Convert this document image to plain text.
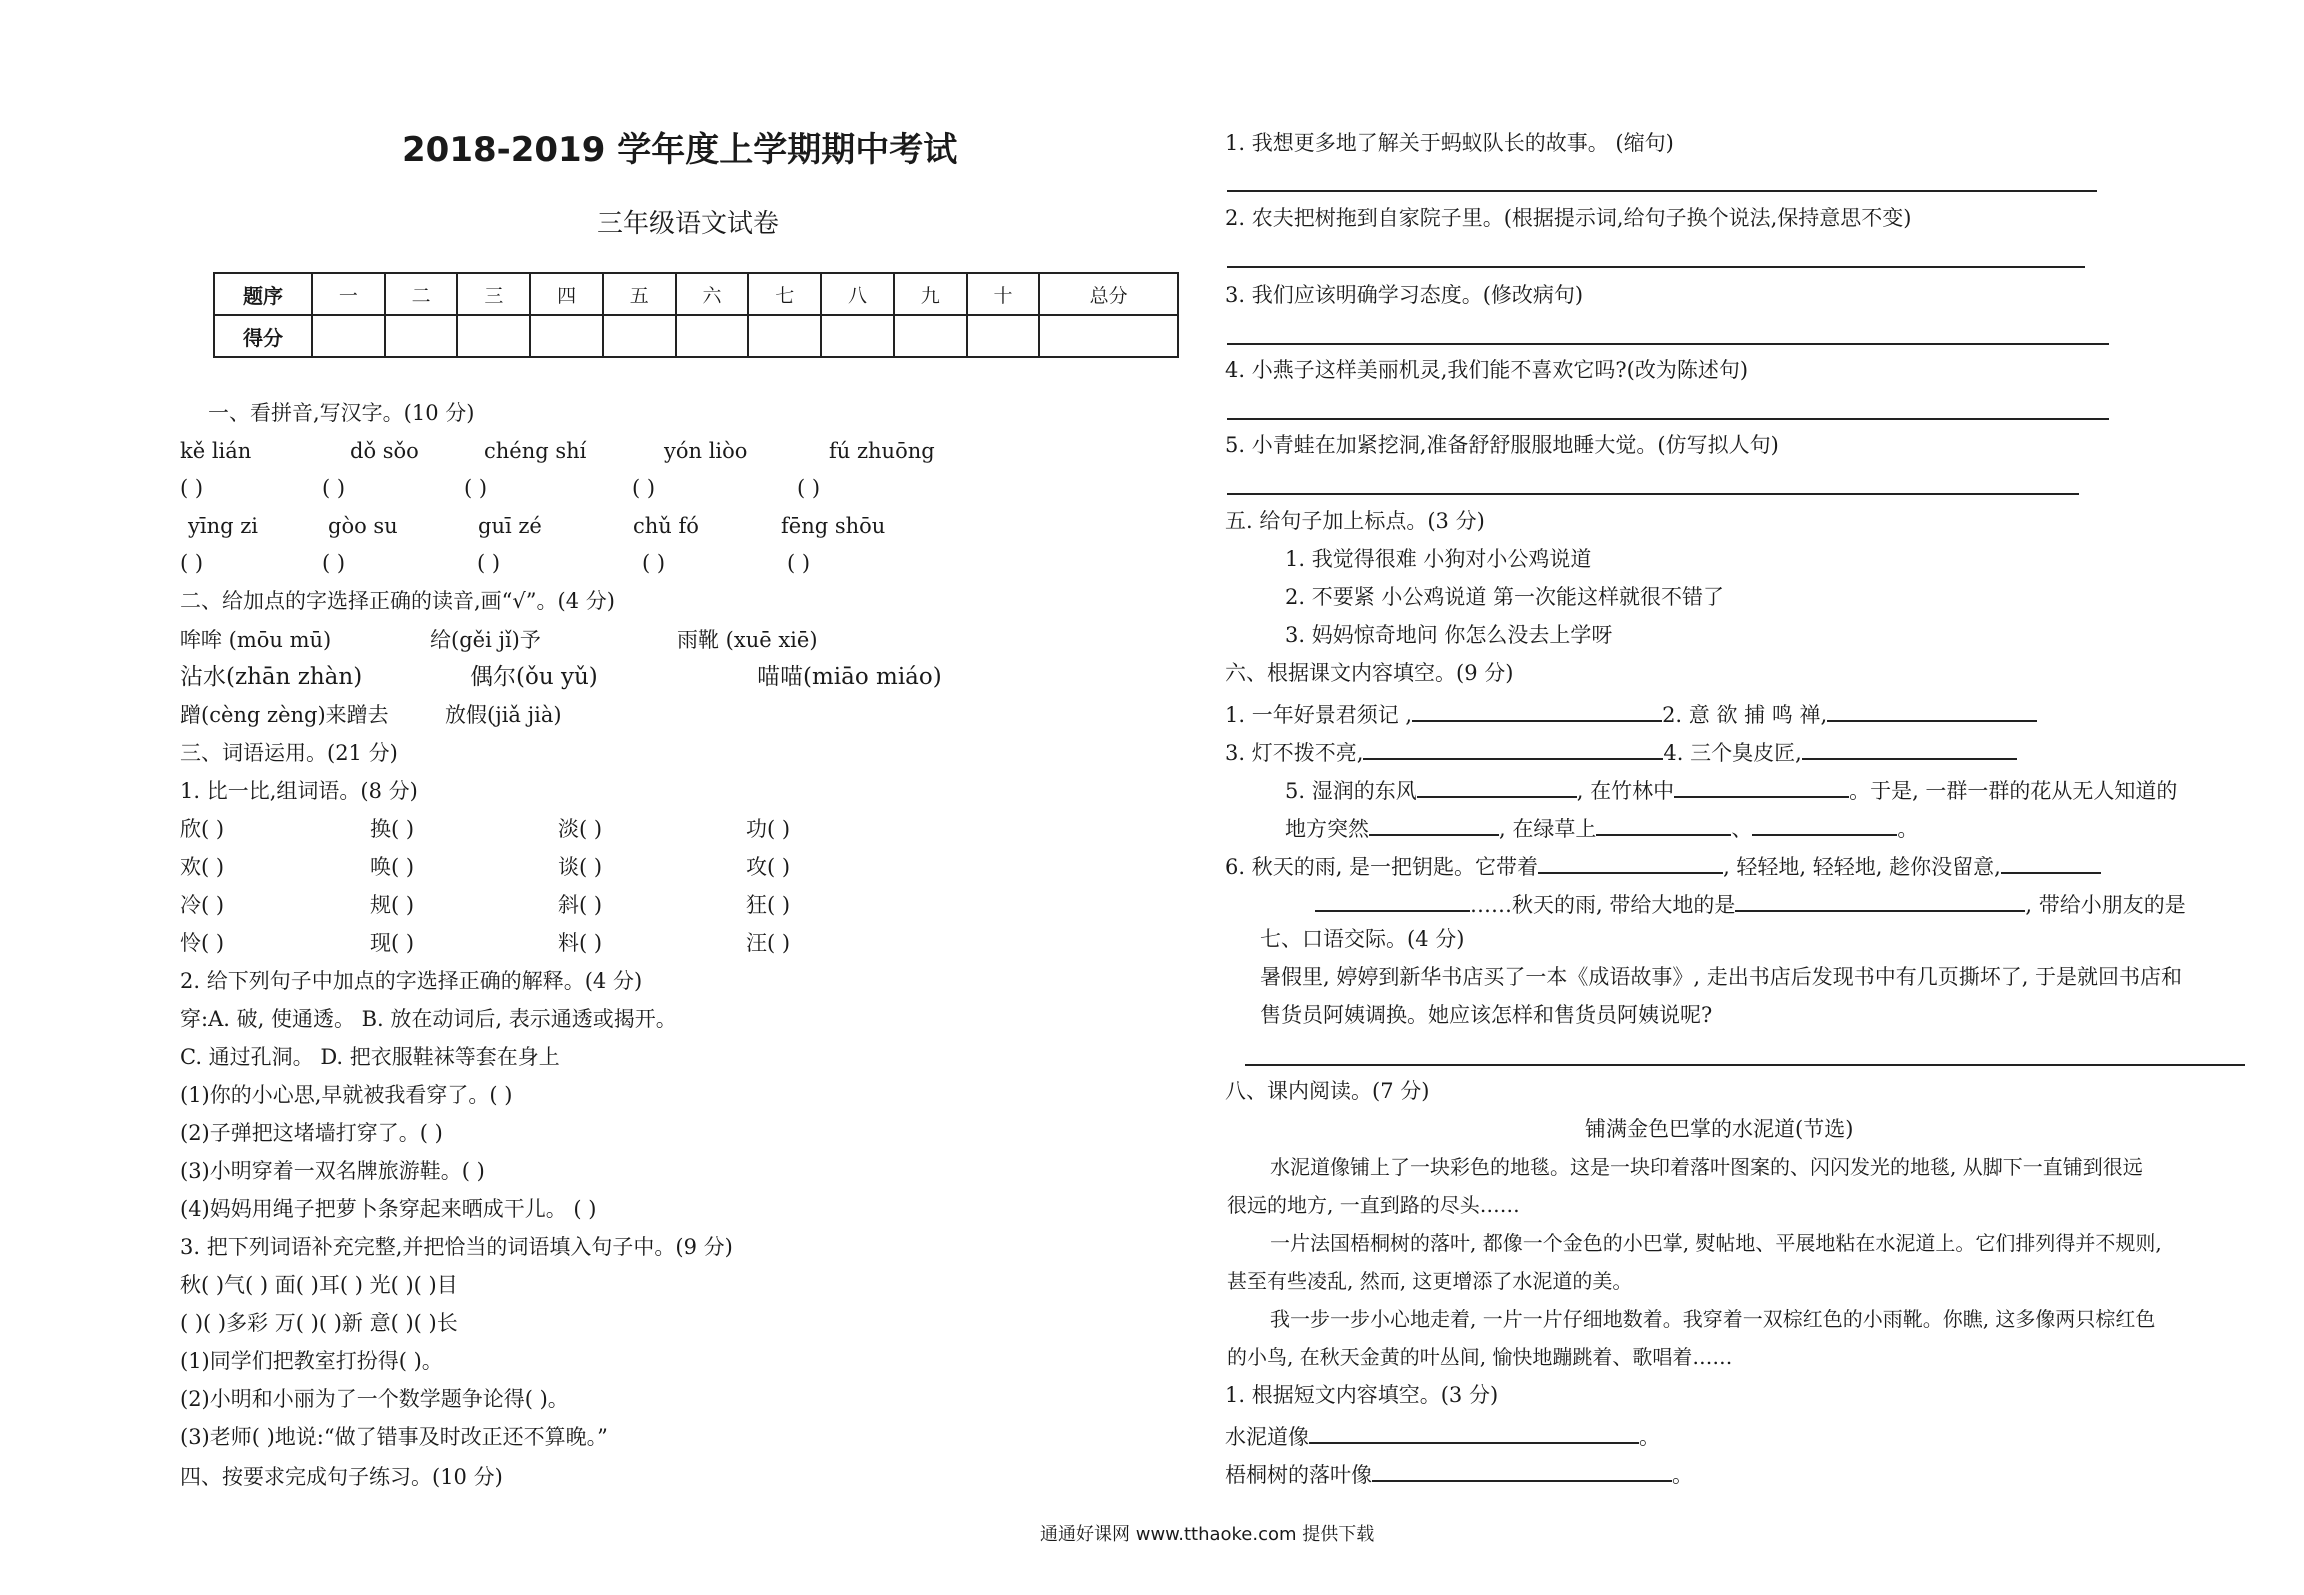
2018-2019 学年度上学期期中考试
三年级语文试卷
题序	一	二	三	四	五	六	七	八	九	十	总分
得分											
一、看拼音,写汉字。(10 分)
kě lián	dǒ sǒo	chéng shí	yón liòo	fú zhuōng
( )	( )	( )	( )	( )
yīng zi	gòo su	guī zé	chǔ fó	fēng shōu
( )	( )	( )	( )	( )
二、给加点的字选择正确的读音,画“√”。(4 分)
哞哞 (mōu mū)	给(gěi jǐ)予	雨靴 (xuē xiē)
沾水(zhān zhàn)	偶尔(ǒu yǔ)	喵喵(miāo miáo)
蹭(cèng zèng)来蹭去	放假(jiǎ jià)
三、词语运用。(21 分)
1. 比一比,组词语。(8 分)
欣( )	换( )	淡( )	功( )
欢( )	唤( )	谈( )	攻( )
冷( )	规( )	斜( )	狂( )
怜( )	现( )	料( )	汪( )
2. 给下列句子中加点的字选择正确的解释。(4 分)
穿:A. 破, 使通透。 B. 放在动词后, 表示通透或揭开。
C. 通过孔洞。 D. 把衣服鞋袜等套在身上
(1)你的小心思,早就被我看穿了。( )
(2)子弹把这堵墙打穿了。( )
(3)小明穿着一双名牌旅游鞋。( )
(4)妈妈用绳子把萝卜条穿起来晒成干儿。 ( )
3. 把下列词语补充完整,并把恰当的词语填入句子中。(9 分)
秋( )气( ) 面( )耳( ) 光( )( )目
( )( )多彩 万( )( )新 意( )( )长
(1)同学们把教室打扮得( )。
(2)小明和小丽为了一个数学题争论得( )。
(3)老师( )地说:“做了错事及时改正还不算晚。”
四、按要求完成句子练习。(10 分)
1. 我想更多地了解关于蚂蚁队长的故事。 (缩句)
2. 农夫把树拖到自家院子里。(根据提示词,给句子换个说法,保持意思不变)
3. 我们应该明确学习态度。(修改病句)
4. 小燕子这样美丽机灵,我们能不喜欢它吗?(改为陈述句)
5. 小青蛙在加紧挖洞,准备舒舒服服地睡大觉。(仿写拟人句)
五. 给句子加上标点。(3 分)
1. 我觉得很难 小狗对小公鸡说道
2. 不要紧 小公鸡说道 第一次能这样就很不错了
3. 妈妈惊奇地问 你怎么没去上学呀
六、根据课文内容填空。(9 分)
1. 一年好景君须记 ,	2. 意 欲 捕 鸣 禅,
3. 灯不拨不亮,	4. 三个臭皮匠,
5. 湿润的东风	, 在竹林中	。于是, 一群一群的花从无人知道的
地方突然	, 在绿草上	、	。
6. 秋天的雨, 是一把钥匙。它带着	, 轻轻地, 轻轻地, 趁你没留意,
……秋天的雨, 带给大地的是	, 带给小朋友的是
七、口语交际。(4 分)
暑假里, 婷婷到新华书店买了一本《成语故事》, 走出书店后发现书中有几页撕坏了, 于是就回书店和
售货员阿姨调换。她应该怎样和售货员阿姨说呢?
八、课内阅读。(7 分)
铺满金色巴掌的水泥道(节选)
水泥道像铺上了一块彩色的地毯。这是一块印着落叶图案的、闪闪发光的地毯, 从脚下一直铺到很远
很远的地方, 一直到路的尽头……
一片法国梧桐树的落叶, 都像一个金色的小巴掌, 熨帖地、平展地粘在水泥道上。它们排列得并不规则,
甚至有些凌乱, 然而, 这更增添了水泥道的美。
我一步一步小心地走着, 一片一片仔细地数着。我穿着一双棕红色的小雨靴。你瞧, 这多像两只棕红色
的小鸟, 在秋天金黄的叶丛间, 愉快地蹦跳着、歌唱着……
1. 根据短文内容填空。(3 分)
水泥道像	。
梧桐树的落叶像	。
通通好课网 www.tthaoke.com 提供下载
